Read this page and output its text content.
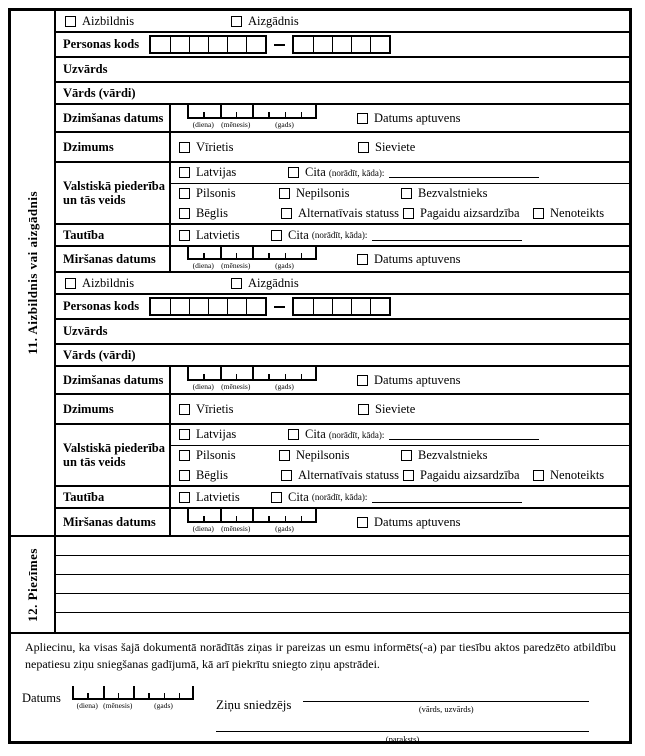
11. Aizbildnis vai aizgādnis
Aizbildnis	Aizgādnis
Personas kods
Uzvārds
Vārds (vārdi)
Dzimšanas datums	(diena) (mēnesis)	(gads)	Datums aptuvens
Dzimums	Vīrietis	Sieviete
Valstiskā piederība un tās veids
Latvijas	Cita (norādīt, kāda):
Pilsonis	Nepilsonis	Bezvalstnieks
Bēglis	Alternatīvais statuss Pagaidu aizsardzība Nenoteikts
Tautība	Latvietis	Cita (norādīt, kāda):
Miršanas datums	(diena) (mēnesis)	(gads)	Datums aptuvens
Aizbildnis	Aizgādnis
Personas kods
Uzvārds
Vārds (vārdi)
Dzimšanas datums	(diena) (mēnesis)	(gads)	Datums aptuvens
Dzimums	Vīrietis	Sieviete
Valstiskā piederība un tās veids
Latvijas	Cita (norādīt, kāda):
Pilsonis	Nepilsonis	Bezvalstnieks
Bēglis	Alternatīvais statuss Pagaidu aizsardzība Nenoteikts
Tautība	Latvietis	Cita (norādīt, kāda):
Miršanas datums	(diena) (mēnesis)	(gads)	Datums aptuvens
12. Piezīmes

Apliecinu, ka visas šajā dokumentā norādītās ziņas ir pareizas un esmu informēts(-a) par tiesību aktos paredzēto atbildību nepatiesu ziņu sniegšanas gadījumā, kā arī piekrītu sniegto ziņu apstrādei.

Datums
(diena) (mēnesis)	(gads)	Ziņu sniedzējs	(vārds, uzvārds)
(paraksts)
